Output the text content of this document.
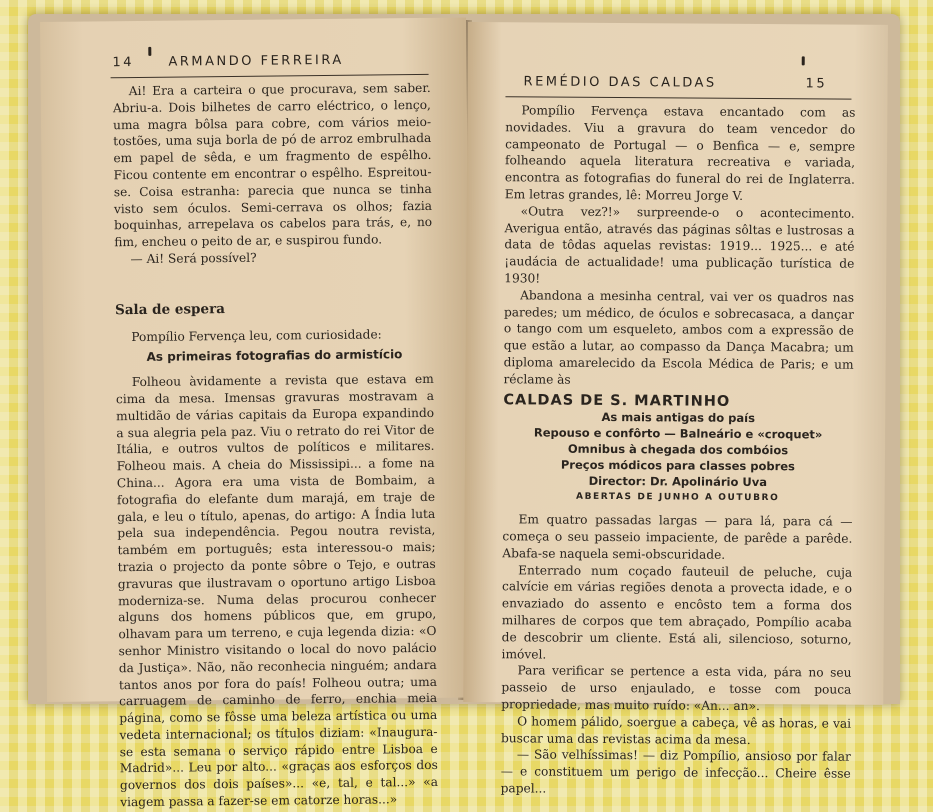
14	ARMANDO FERREIRA

Ai! Era a carteira o que procurava, sem saber. Abriu-a. Dois bilhetes de carro eléctrico, o lenço, uma magra bôlsa para cobre, com vários meio-tostões, uma suja borla de pó de arroz embrulhada em papel de sêda, e um fragmento de espêlho. Ficou contente em encontrar o espêlho. Espreitou-se. Coisa estranha: parecia que nunca se tinha visto sem óculos. Semi-cerrava os olhos; fazia boquinhas, arrepelava os cabelos para trás, e, no fim, encheu o peito de ar, e suspirou fundo.

— Ai! Será possível?

Sala de espera

Pompílio Fervença leu, com curiosidade:

As primeiras fotografias do armistício

Folheou àvidamente a revista que estava em cima da mesa. Imensas gravuras mostravam a multidão de várias capitais da Europa expandindo a sua alegria pela paz. Viu o retrato do rei Vitor de Itália, e outros vultos de políticos e militares. Folheou mais. A cheia do Mississipi... a fome na China... Agora era uma vista de Bombaim, a fotografia do elefante dum marajá, em traje de gala, e leu o título, apenas, do artigo: A Índia luta pela sua independência. Pegou noutra revista, também em português; esta interessou-o mais; trazia o projecto da ponte sôbre o Tejo, e outras gravuras que ilustravam o oportuno artigo Lisboa moderniza-se. Numa delas procurou conhecer alguns dos homens públicos que, em grupo, olhavam para um terreno, e cuja legenda dizia: «O senhor Ministro visitando o local do novo palácio da Justiça». Não, não reconhecia ninguém; andara tantos anos por fora do país! Folheou outra; uma carruagem de caminho de ferro, enchia meia página, como se fôsse uma beleza artística ou uma vedeta internacional; os títulos diziam: «Inaugura-se esta semana o serviço rápido entre Lisboa e Madrid»... Leu por alto... «graças aos esforços dos governos dos dois países»... «e, tal, e tal...» «a viagem passa a fazer-se em catorze horas...»

REMÉDIO DAS CALDAS	15

Pompílio Fervença estava encantado com as novidades. Viu a gravura do team vencedor do campeonato de Portugal — o Benfica — e, sempre folheando aquela literatura recreativa e variada, encontra as fotografias do funeral do rei de Inglaterra. Em letras grandes, lê: Morreu Jorge V.

«Outra vez?!» surpreende-o o acontecimento. Averigua então, através das páginas sôltas e lustrosas a data de tôdas aquelas revistas: 1919... 1925... e até ¡audácia de actualidade! uma publicação turística de 1930!

Abandona a mesinha central, vai ver os quadros nas paredes; um médico, de óculos e sobrecasaca, a dançar o tango com um esqueleto, ambos com a expressão de que estão a lutar, ao compasso da Dança Macabra; um diploma amarelecido da Escola Médica de Paris; e um réclame às

CALDAS DE S. MARTINHO

As mais antigas do país

Repouso e confôrto — Balneário e «croquet»

Omnibus à chegada dos combóios

Preços módicos para classes pobres

Director: Dr. Apolinário Uva

ABERTAS DE JUNHO A OUTUBRO

Em quatro passadas largas — para lá, para cá — começa o seu passeio impaciente, de parêde a parêde. Abafa-se naquela semi-obscuridade.

Enterrado num coçado fauteuil de peluche, cuja calvície em várias regiões denota a provecta idade, e o envaziado do assento e encôsto tem a forma dos milhares de corpos que tem abraçado, Pompílio acaba de descobrir um cliente. Está ali, silencioso, soturno, imóvel.

Para verificar se pertence a esta vida, pára no seu passeio de urso enjaulado, e tosse com pouca propriedade, mas muito ruído: «An... an».

O homem pálido, soergue a cabeça, vê as horas, e vai buscar uma das revistas acima da mesa.

— São velhíssimas! — diz Pompílio, ansioso por falar — e constituem um perigo de infecção... Cheire êsse papel...
